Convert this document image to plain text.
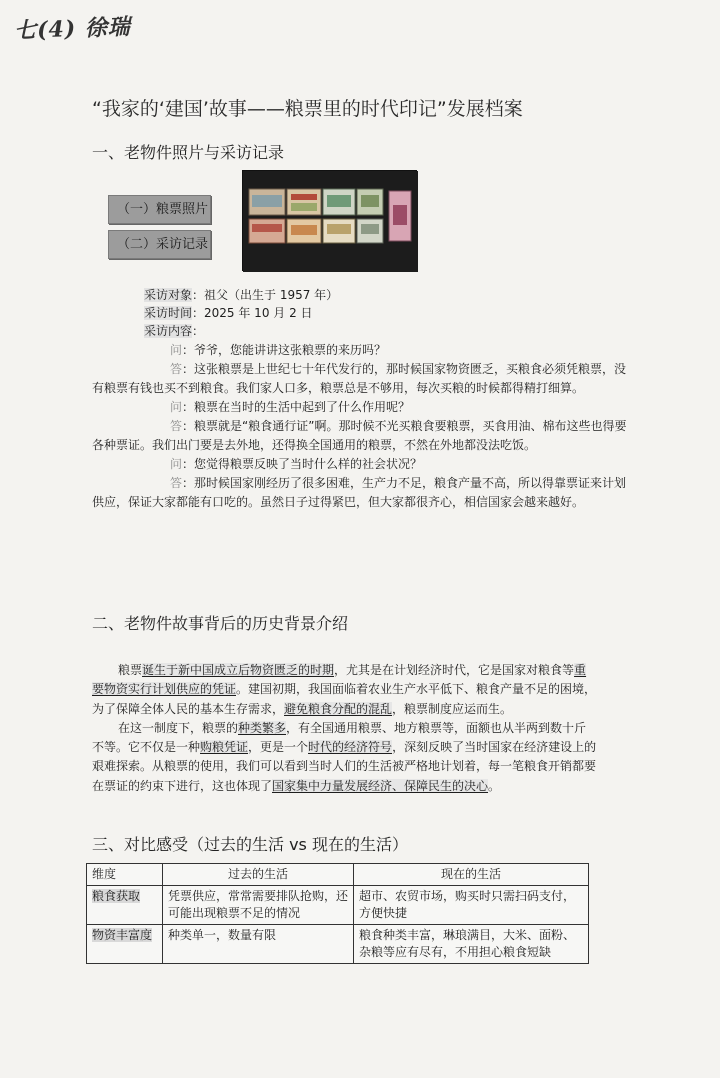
七(4) 徐瑞
“我家的‘建国’故事——粮票里的时代印记”发展档案
一、老物件照片与采访记录
（一）粮票照片
（二）采访记录
采访对象：祖父（出生于 1957 年）
采访时间：2025 年 10 月 2 日
采访内容：

问：爷爷，您能讲讲这张粮票的来历吗？

答：这张粮票是上世纪七十年代发行的，那时候国家物资匮乏，买粮食必须凭粮票，没有粮票有钱也买不到粮食。我们家人口多，粮票总是不够用，每次买粮的时候都得精打细算。

问：粮票在当时的生活中起到了什么作用呢？

答：粮票就是“粮食通行证”啊。那时候不光买粮食要粮票，买食用油、棉布这些也得要各种票证。我们出门要是去外地，还得换全国通用的粮票，不然在外地都没法吃饭。

问：您觉得粮票反映了当时什么样的社会状况？

答：那时候国家刚经历了很多困难，生产力不足，粮食产量不高，所以得靠票证来计划供应，保证大家都能有口吃的。虽然日子过得紧巴，但大家都很齐心，相信国家会越来越好。

二、老物件故事背后的历史背景介绍

粮票诞生于新中国成立后物资匮乏的时期，尤其是在计划经济时代，它是国家对粮食等重要物资实行计划供应的凭证。建国初期，我国面临着农业生产水平低下、粮食产量不足的困境，为了保障全体人民的基本生存需求，避免粮食分配的混乱，粮票制度应运而生。

在这一制度下，粮票的种类繁多，有全国通用粮票、地方粮票等，面额也从半两到数十斤不等。它不仅是一种购粮凭证，更是一个时代的经济符号，深刻反映了当时国家在经济建设上的艰难探索。从粮票的使用，我们可以看到当时人们的生活被严格地计划着，每一笔粮食开销都要在票证的约束下进行，这也体现了国家集中力量发展经济、保障民生的决心。

三、对比感受（过去的生活 vs 现在的生活）
维度	过去的生活	现在的生活
粮食获取	凭票供应，常常需要排队抢购，还可能出现粮票不足的情况	超市、农贸市场，购买时只需扫码支付，方便快捷
物资丰富度	种类单一，数量有限	粮食种类丰富，琳琅满目，大米、面粉、杂粮等应有尽有，不用担心粮食短缺
